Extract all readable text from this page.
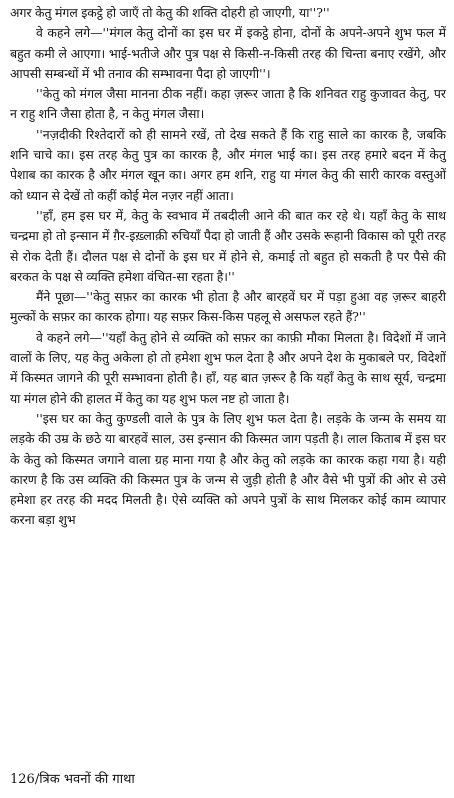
अगर केतु मंगल इकट्ठे हो जाएँ तो केतु की शक्ति दोहरी हो जाएगी, या''?''

वे कहने लगे—''मंगल केतु दोनों का इस घर में इकट्ठे होना, दोनों के अपने-अपने शुभ फल में बहुत कमी ले आएगा। भाई-भतीजे और पुत्र पक्ष से किसी-न-किसी तरह की चिन्ता बनाए रखेंगे, और आपसी सम्बन्धों में भी तनाव की सम्भावना पैदा हो जाएगी''।

''केतु को मंगल जैसा मानना ठीक नहीं। कहा ज़रूर जाता है कि शनिवत राहु कुजावत केतु, पर न राहु शनि जैसा होता है, न केतु मंगल जैसा।

''नज़दीकी रिश्तेदारों को ही सामने रखें, तो देख सकते हैं कि राहु साले का कारक है, जबकि शनि चाचे का। इस तरह केतु पुत्र का कारक है, और मंगल भाई का। इस तरह हमारे बदन में केतु पेशाब का कारक है और मंगल खून का। अगर हम शनि, राहु या मंगल केतु की सारी कारक वस्तुओं को ध्यान से देखें तो कहीं कोई मेल नज़र नहीं आता।

''हाँ, हम इस घर में, केतु के स्वभाव में तबदीली आने की बात कर रहे थे। यहाँ केतु के साथ चन्द्रमा हो तो इन्सान में ग़ैर-इख़्लाक़ी रुचियाँ पैदा हो जाती हैं और उसके रूहानी विकास को पूरी तरह से रोक देती हैं। दौलत पक्ष से दोनों के इस घर में होने से, कमाई तो बहुत हो सकती है पर पैसे की बरकत के पक्ष से व्यक्ति हमेशा वंचित-सा रहता है।''

मैंने पूछा—''केतु सफ़र का कारक भी होता है और बारहवें घर में पड़ा हुआ वह ज़रूर बाहरी मुल्कों के सफ़र का कारक होगा। यह सफ़र किस-किस पहलू से असफल रहते हैं?''

वे कहने लगे—''यहाँ केतु होने से व्यक्ति को सफ़र का काफ़ी मौका मिलता है। विदेशों में जाने वालों के लिए, यह केतु अकेला हो तो हमेशा शुभ फल देता है और अपने देश के मुकाबले पर, विदेशों में किस्मत जागने की पूरी सम्भावना होती है। हाँ, यह बात ज़रूर है कि यहाँ केतु के साथ सूर्य, चन्द्रमा या मंगल होने की हालत में केतु का यह शुभ फल नष्ट हो जाता है।

''इस घर का केतु कुण्डली वाले के पुत्र के लिए शुभ फल देता है। लड़के के जन्म के समय या लड़के की उम्र के छठे या बारहवें साल, उस इन्सान की किस्मत जाग पड़ती है। लाल किताब में इस घर के केतु को किस्मत जगाने वाला ग्रह माना गया है और केतु को लड़के का कारक कहा गया है। यही कारण है कि उस व्यक्ति की किस्मत पुत्र के जन्म से जुड़ी होती है और वैसे भी पुत्रों की ओर से उसे हमेशा हर तरह की मदद मिलती है। ऐसे व्यक्ति को अपने पुत्रों के साथ मिलकर कोई काम व्यापार करना बड़ा शुभ

126/त्रिक भवनों की गाथा
